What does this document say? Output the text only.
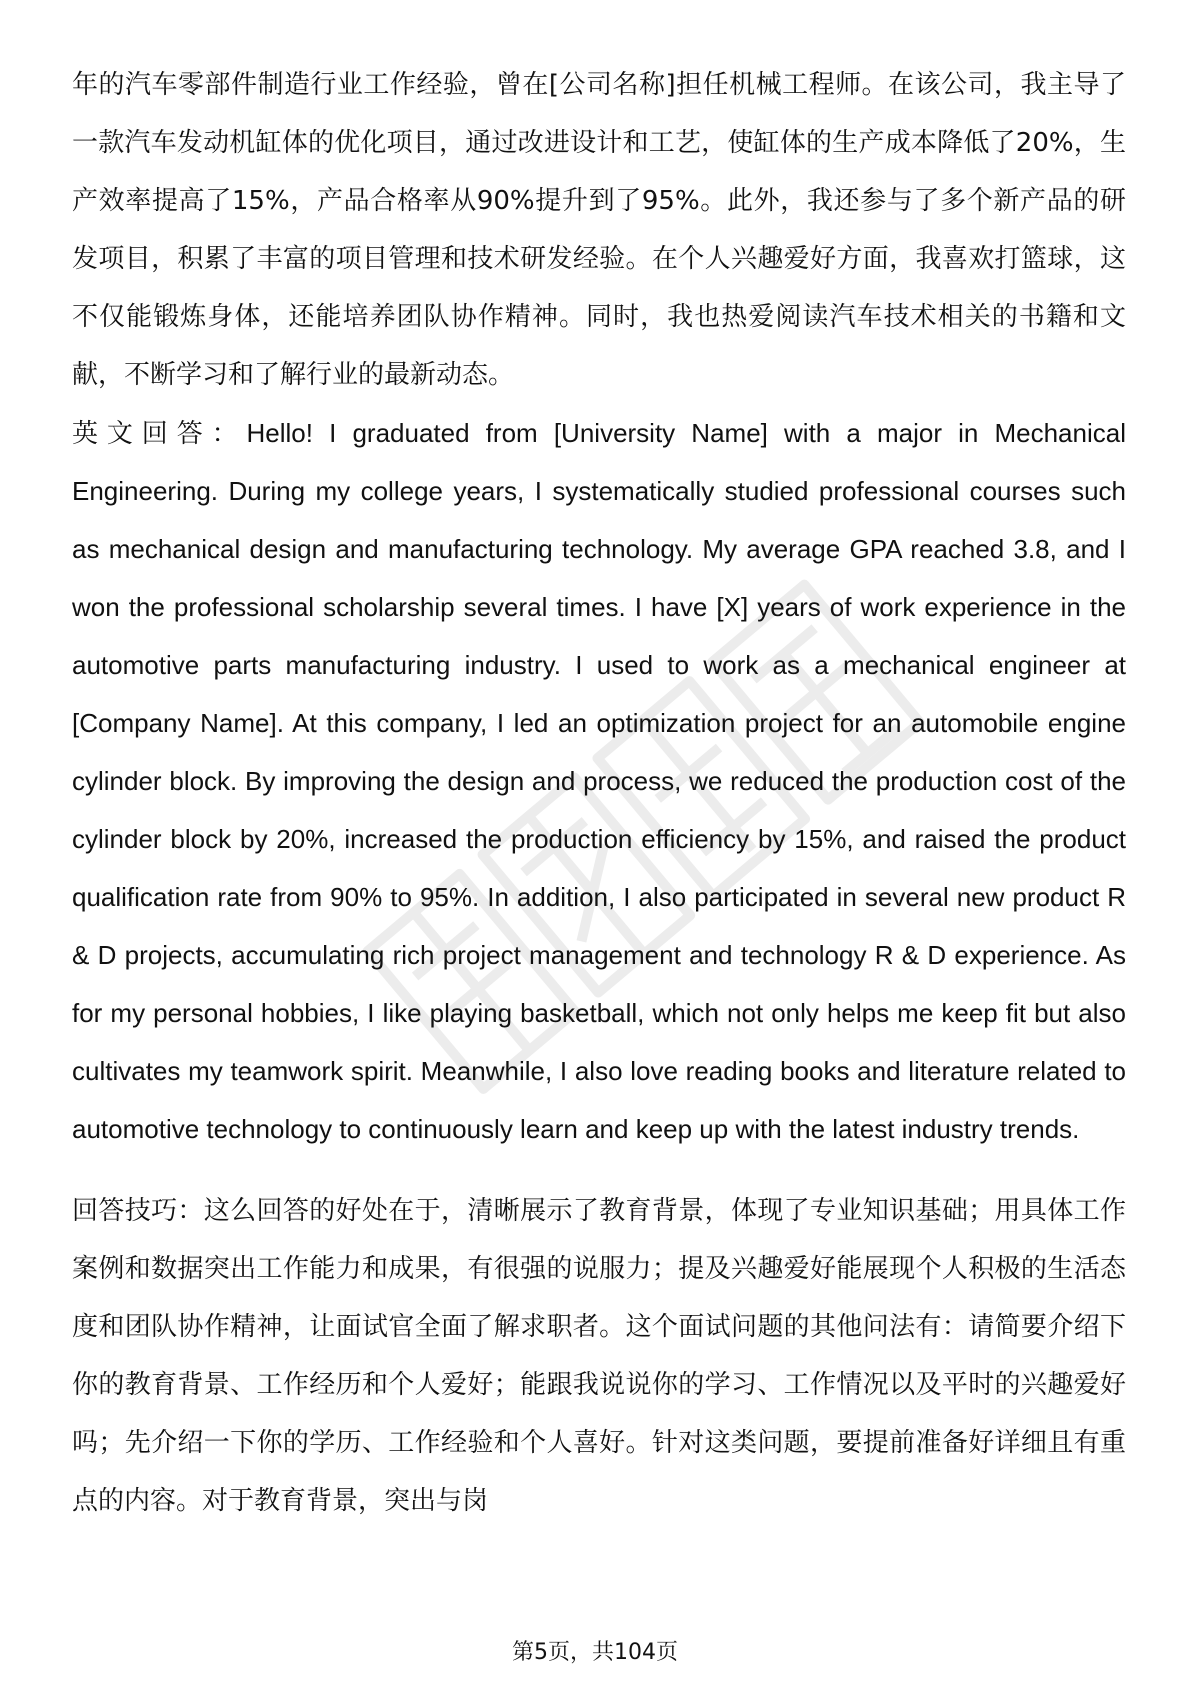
年的汽车零部件制造行业工作经验，曾在[公司名称]担任机械工程师。在该公司，我主导了一款汽车发动机缸体的优化项目，通过改进设计和工艺，使缸体的生产成本降低了20%，生产效率提高了15%，产品合格率从90%提升到了95%。此外，我还参与了多个新产品的研发项目，积累了丰富的项目管理和技术研发经验。在个人兴趣爱好方面，我喜欢打篮球，这不仅能锻炼身体，还能培养团队协作精神。同时，我也热爱阅读汽车技术相关的书籍和文献，不断学习和了解行业的最新动态。

英文回答：Hello! I graduated from [University Name] with a major in Mechanical Engineering. During my college years, I systematically studied professional courses such as mechanical design and manufacturing technology. My average GPA reached 3.8, and I won the professional scholarship several times. I have [X] years of work experience in the automotive parts manufacturing industry. I used to work as a mechanical engineer at [Company Name]. At this company, I led an optimization project for an automobile engine cylinder block. By improving the design and process, we reduced the production cost of the cylinder block by 20%, increased the production efficiency by 15%, and raised the product qualification rate from 90% to 95%. In addition, I also participated in several new product R & D projects, accumulating rich project management and technology R & D experience. As for my personal hobbies, I like playing basketball, which not only helps me keep fit but also cultivates my teamwork spirit. Meanwhile, I also love reading books and literature related to automotive technology to continuously learn and keep up with the latest industry trends.

回答技巧：这么回答的好处在于，清晰展示了教育背景，体现了专业知识基础；用具体工作案例和数据突出工作能力和成果，有很强的说服力；提及兴趣爱好能展现个人积极的生活态度和团队协作精神，让面试官全面了解求职者。这个面试问题的其他问法有：请简要介绍下你的教育背景、工作经历和个人爱好；能跟我说说你的学习、工作情况以及平时的兴趣爱好吗；先介绍一下你的学历、工作经验和个人喜好。针对这类问题，要提前准备好详细且有重点的内容。对于教育背景，突出与岗

第5页，共104页
